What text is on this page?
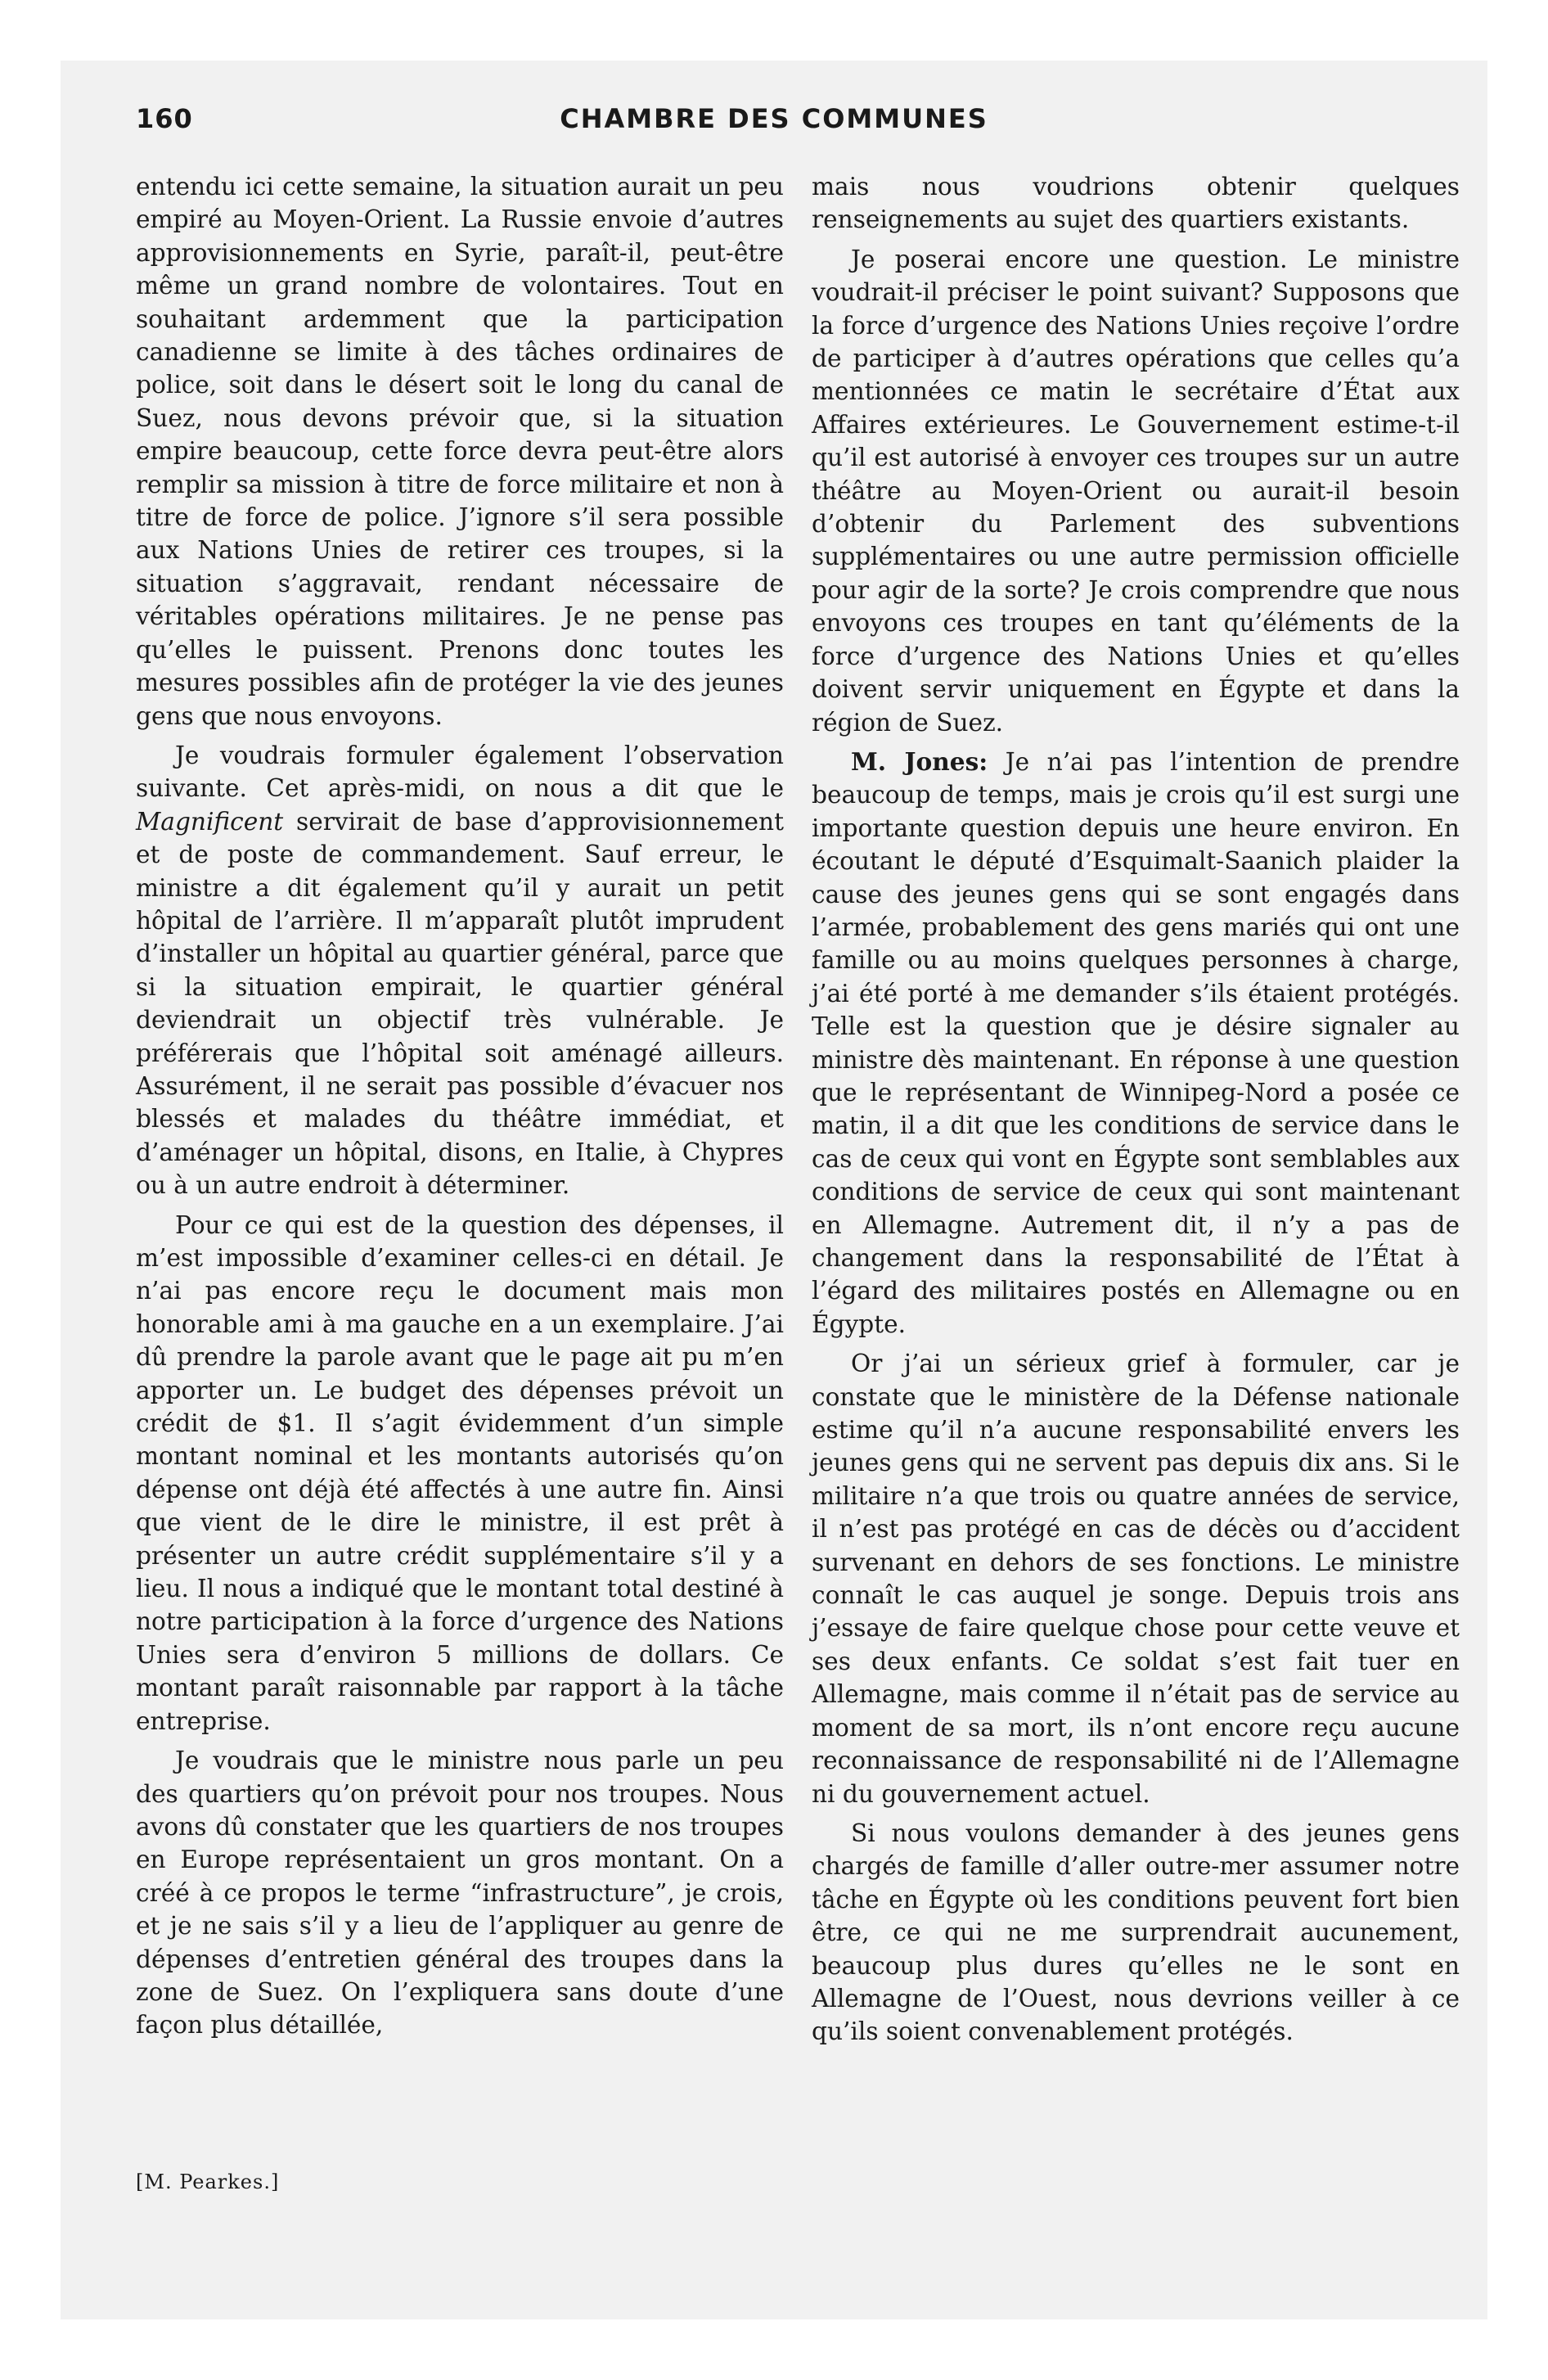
160	CHAMBRE DES COMMUNES

entendu ici cette semaine, la situation aurait un peu empiré au Moyen-Orient. La Russie envoie d’autres approvisionnements en Syrie, paraît-il, peut-être même un grand nombre de volontaires. Tout en souhaitant ardemment que la participation canadienne se limite à des tâches ordinaires de police, soit dans le désert soit le long du canal de Suez, nous devons prévoir que, si la situation empire beaucoup, cette force devra peut-être alors remplir sa mission à titre de force militaire et non à titre de force de police. J’ignore s’il sera possible aux Nations Unies de retirer ces troupes, si la situation s’aggravait, rendant nécessaire de véritables opérations militaires. Je ne pense pas qu’elles le puissent. Prenons donc toutes les mesures possibles afin de protéger la vie des jeunes gens que nous envoyons.

Je voudrais formuler également l’observation suivante. Cet après-midi, on nous a dit que le Magnificent servirait de base d’approvisionnement et de poste de commandement. Sauf erreur, le ministre a dit également qu’il y aurait un petit hôpital de l’arrière. Il m’apparaît plutôt imprudent d’installer un hôpital au quartier général, parce que si la situation empirait, le quartier général deviendrait un objectif très vulnérable. Je préférerais que l’hôpital soit aménagé ailleurs. Assurément, il ne serait pas possible d’évacuer nos blessés et malades du théâtre immédiat, et d’aménager un hôpital, disons, en Italie, à Chypres ou à un autre endroit à déterminer.

Pour ce qui est de la question des dépenses, il m’est impossible d’examiner celles-ci en détail. Je n’ai pas encore reçu le document mais mon honorable ami à ma gauche en a un exemplaire. J’ai dû prendre la parole avant que le page ait pu m’en apporter un. Le budget des dépenses prévoit un crédit de $1. Il s’agit évidemment d’un simple montant nominal et les montants autorisés qu’on dépense ont déjà été affectés à une autre fin. Ainsi que vient de le dire le ministre, il est prêt à présenter un autre crédit supplémentaire s’il y a lieu. Il nous a indiqué que le montant total destiné à notre participation à la force d’urgence des Nations Unies sera d’environ 5 millions de dollars. Ce montant paraît raisonnable par rapport à la tâche entreprise.

Je voudrais que le ministre nous parle un peu des quartiers qu’on prévoit pour nos troupes. Nous avons dû constater que les quartiers de nos troupes en Europe représentaient un gros montant. On a créé à ce propos le terme “infrastructure”, je crois, et je ne sais s’il y a lieu de l’appliquer au genre de dépenses d’entretien général des troupes dans la zone de Suez. On l’expliquera sans doute d’une façon plus détaillée,

mais nous voudrions obtenir quelques renseignements au sujet des quartiers existants.

Je poserai encore une question. Le ministre voudrait-il préciser le point suivant? Supposons que la force d’urgence des Nations Unies reçoive l’ordre de participer à d’autres opérations que celles qu’a mentionnées ce matin le secrétaire d’État aux Affaires extérieures. Le Gouvernement estime-t-il qu’il est autorisé à envoyer ces troupes sur un autre théâtre au Moyen-Orient ou aurait-il besoin d’obtenir du Parlement des subventions supplémentaires ou une autre permission officielle pour agir de la sorte? Je crois comprendre que nous envoyons ces troupes en tant qu’éléments de la force d’urgence des Nations Unies et qu’elles doivent servir uniquement en Égypte et dans la région de Suez.

M. Jones: Je n’ai pas l’intention de prendre beaucoup de temps, mais je crois qu’il est surgi une importante question depuis une heure environ. En écoutant le député d’Esquimalt-Saanich plaider la cause des jeunes gens qui se sont engagés dans l’armée, probablement des gens mariés qui ont une famille ou au moins quelques personnes à charge, j’ai été porté à me demander s’ils étaient protégés. Telle est la question que je désire signaler au ministre dès maintenant. En réponse à une question que le représentant de Winnipeg-Nord a posée ce matin, il a dit que les conditions de service dans le cas de ceux qui vont en Égypte sont semblables aux conditions de service de ceux qui sont maintenant en Allemagne. Autrement dit, il n’y a pas de changement dans la responsabilité de l’État à l’égard des militaires postés en Allemagne ou en Égypte.

Or j’ai un sérieux grief à formuler, car je constate que le ministère de la Défense nationale estime qu’il n’a aucune responsabilité envers les jeunes gens qui ne servent pas depuis dix ans. Si le militaire n’a que trois ou quatre années de service, il n’est pas protégé en cas de décès ou d’accident survenant en dehors de ses fonctions. Le ministre connaît le cas auquel je songe. Depuis trois ans j’essaye de faire quelque chose pour cette veuve et ses deux enfants. Ce soldat s’est fait tuer en Allemagne, mais comme il n’était pas de service au moment de sa mort, ils n’ont encore reçu aucune reconnaissance de responsabilité ni de l’Allemagne ni du gouvernement actuel.

Si nous voulons demander à des jeunes gens chargés de famille d’aller outre-mer assumer notre tâche en Égypte où les conditions peuvent fort bien être, ce qui ne me surprendrait aucunement, beaucoup plus dures qu’elles ne le sont en Allemagne de l’Ouest, nous devrions veiller à ce qu’ils soient convenablement protégés.

[M. Pearkes.]
